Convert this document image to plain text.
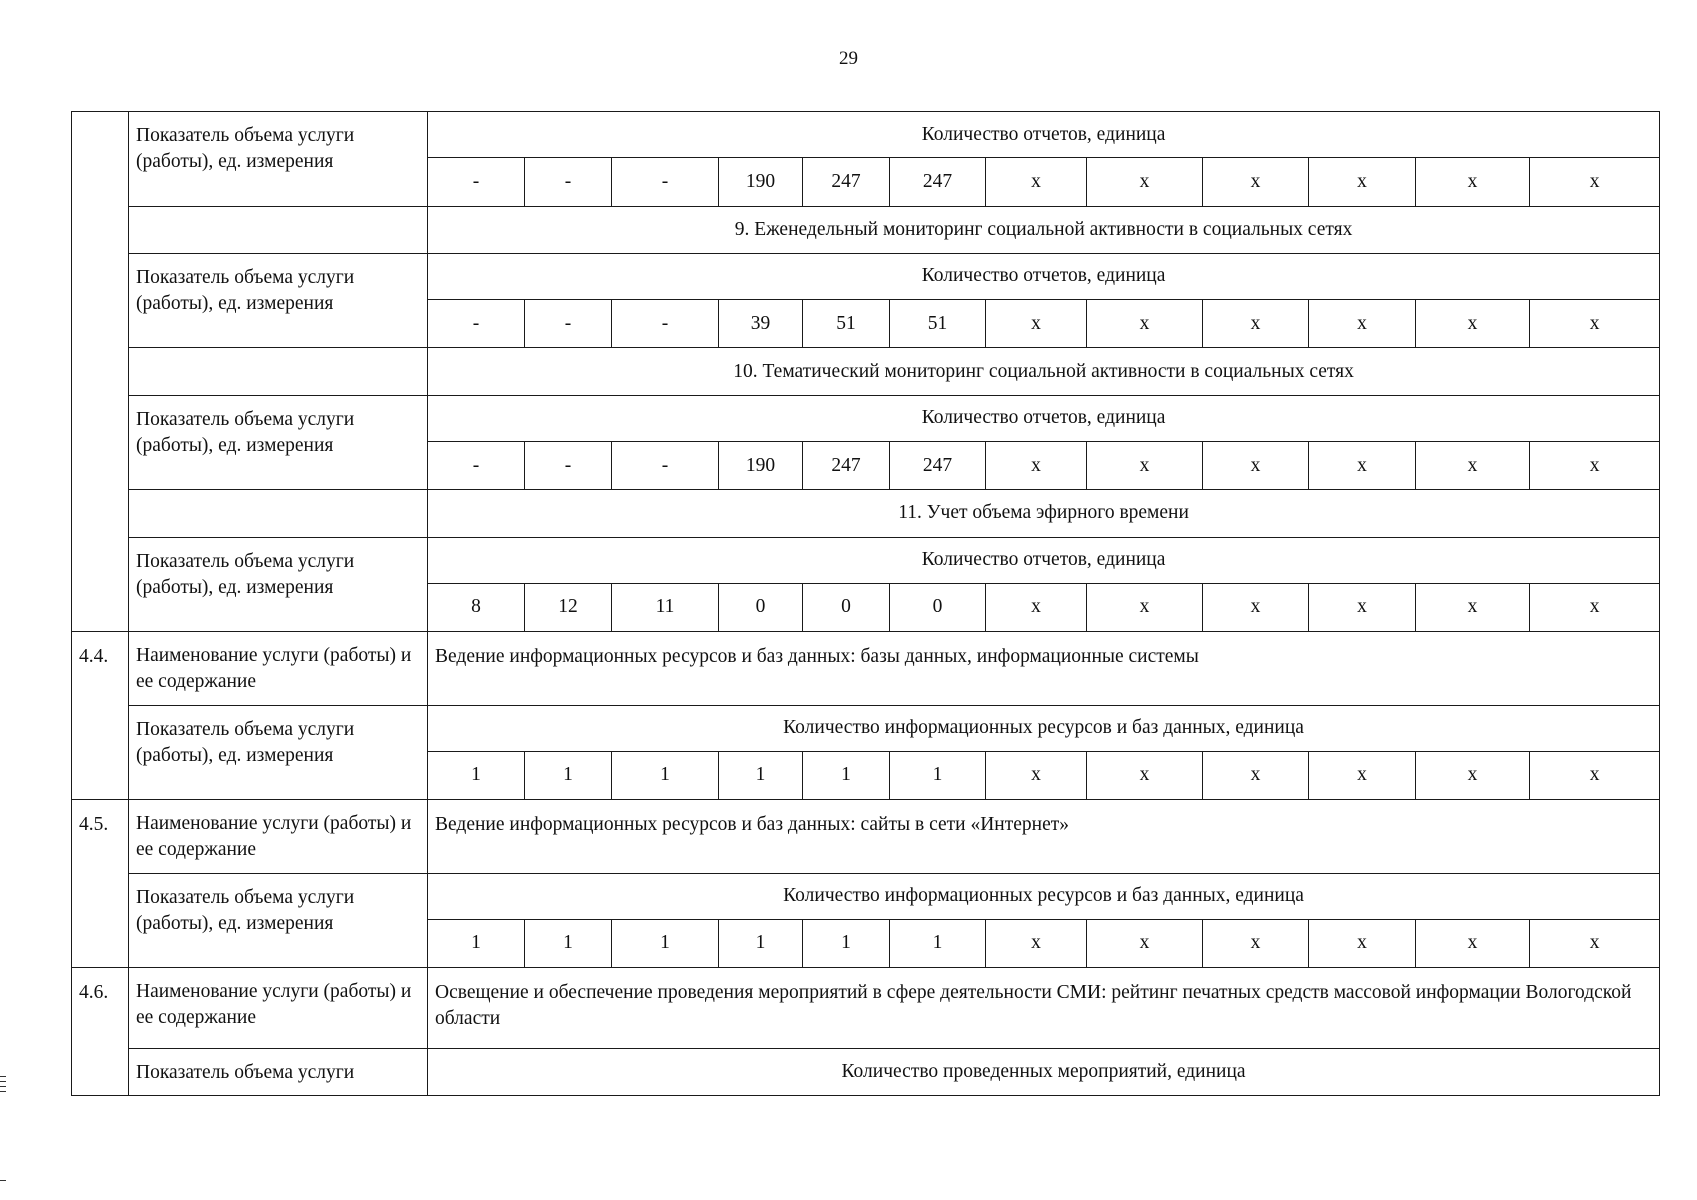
29
	Показатель объема услуги (работы), ед. измерения	Количество отчетов, единица											
		-	-	-	190	247	247	х	х	х	х	х	х
		9. Еженедельный мониторинг социальной активности в социальных сетях											
	Показатель объема услуги (работы), ед. измерения	Количество отчетов, единица											
		-	-	-	39	51	51	х	х	х	х	х	х
		10. Тематический мониторинг социальной активности в социальных сетях											
	Показатель объема услуги (работы), ед. измерения	Количество отчетов, единица											
		-	-	-	190	247	247	х	х	х	х	х	х
		11. Учет объема эфирного времени											
	Показатель объема услуги (работы), ед. измерения	Количество отчетов, единица											
		8	12	11	0	0	0	х	х	х	х	х	х
4.4.	Наименование услуги (работы) и ее содержание	Ведение информационных ресурсов и баз данных: базы данных, информационные системы											
	Показатель объема услуги (работы), ед. измерения	Количество информационных ресурсов и баз данных, единица											
		1	1	1	1	1	1	х	х	х	х	х	х
4.5.	Наименование услуги (работы) и ее содержание	Ведение информационных ресурсов и баз данных: сайты в сети «Интернет»											
	Показатель объема услуги (работы), ед. измерения	Количество информационных ресурсов и баз данных, единица											
		1	1	1	1	1	1	х	х	х	х	х	х
4.6.	Наименование услуги (работы) и ее содержание	Освещение и обеспечение проведения мероприятий в сфере деятельности СМИ: рейтинг печатных средств массовой информации Вологодской области											
	Показатель объема услуги	Количество проведенных мероприятий, единица											
